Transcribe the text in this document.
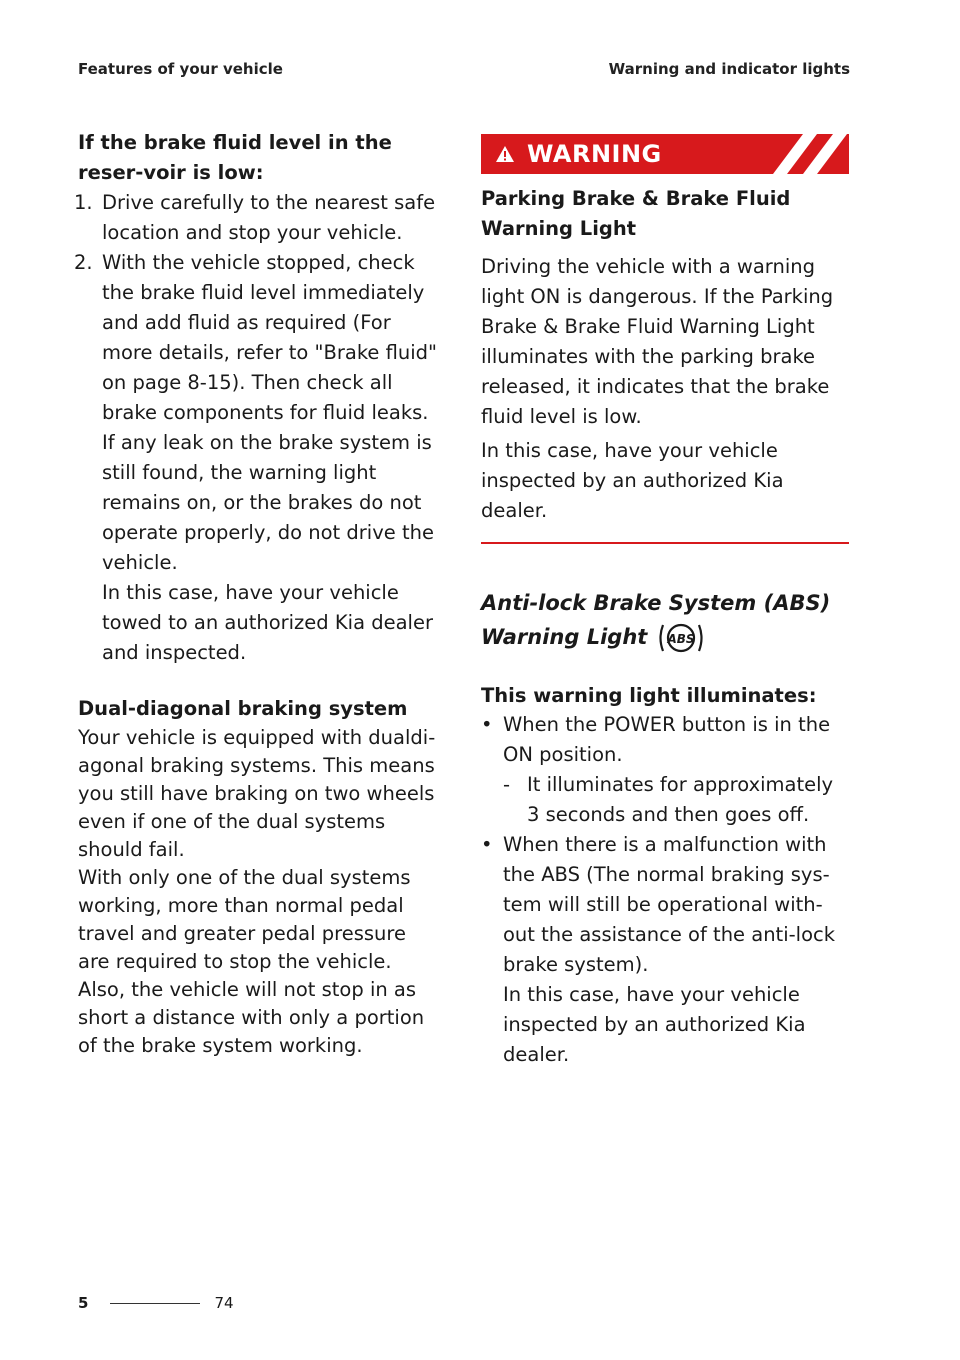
Features of your vehicle	Warning and indicator lights

If the brake fluid level in the reser-voir is low:

1. Drive carefully to the nearest safe location and stop your vehicle.

2. With the vehicle stopped, check the brake fluid level immediately and add fluid as required (For more details, refer to "Brake fluid" on page 8-15). Then check all brake components for fluid leaks. If any leak on the brake system is still found, the warning light remains on, or the brakes do not operate properly, do not drive the vehicle.

In this case, have your vehicle towed to an authorized Kia dealer and inspected.

Dual-diagonal braking system

Your vehicle is equipped with dualdi-agonal braking systems. This means you still have braking on two wheels even if one of the dual systems should fail.

With only one of the dual systems working, more than normal pedal travel and greater pedal pressure are required to stop the vehicle. Also, the vehicle will not stop in as short a distance with only a portion of the brake system working.

WARNING

Parking Brake & Brake Fluid Warning Light

Driving the vehicle with a warning light ON is dangerous. If the Parking Brake & Brake Fluid Warning Light illuminates with the parking brake released, it indicates that the brake fluid level is low.

In this case, have your vehicle inspected by an authorized Kia dealer.

Anti-lock Brake System (ABS) Warning Light ABS

This warning light illuminates:

• When the POWER button is in the ON position.

- It illuminates for approximately 3 seconds and then goes off.

• When there is a malfunction with the ABS (The normal braking sys-tem will still be operational with-out the assistance of the anti-lock brake system).

In this case, have your vehicle inspected by an authorized Kia dealer.

5	74
